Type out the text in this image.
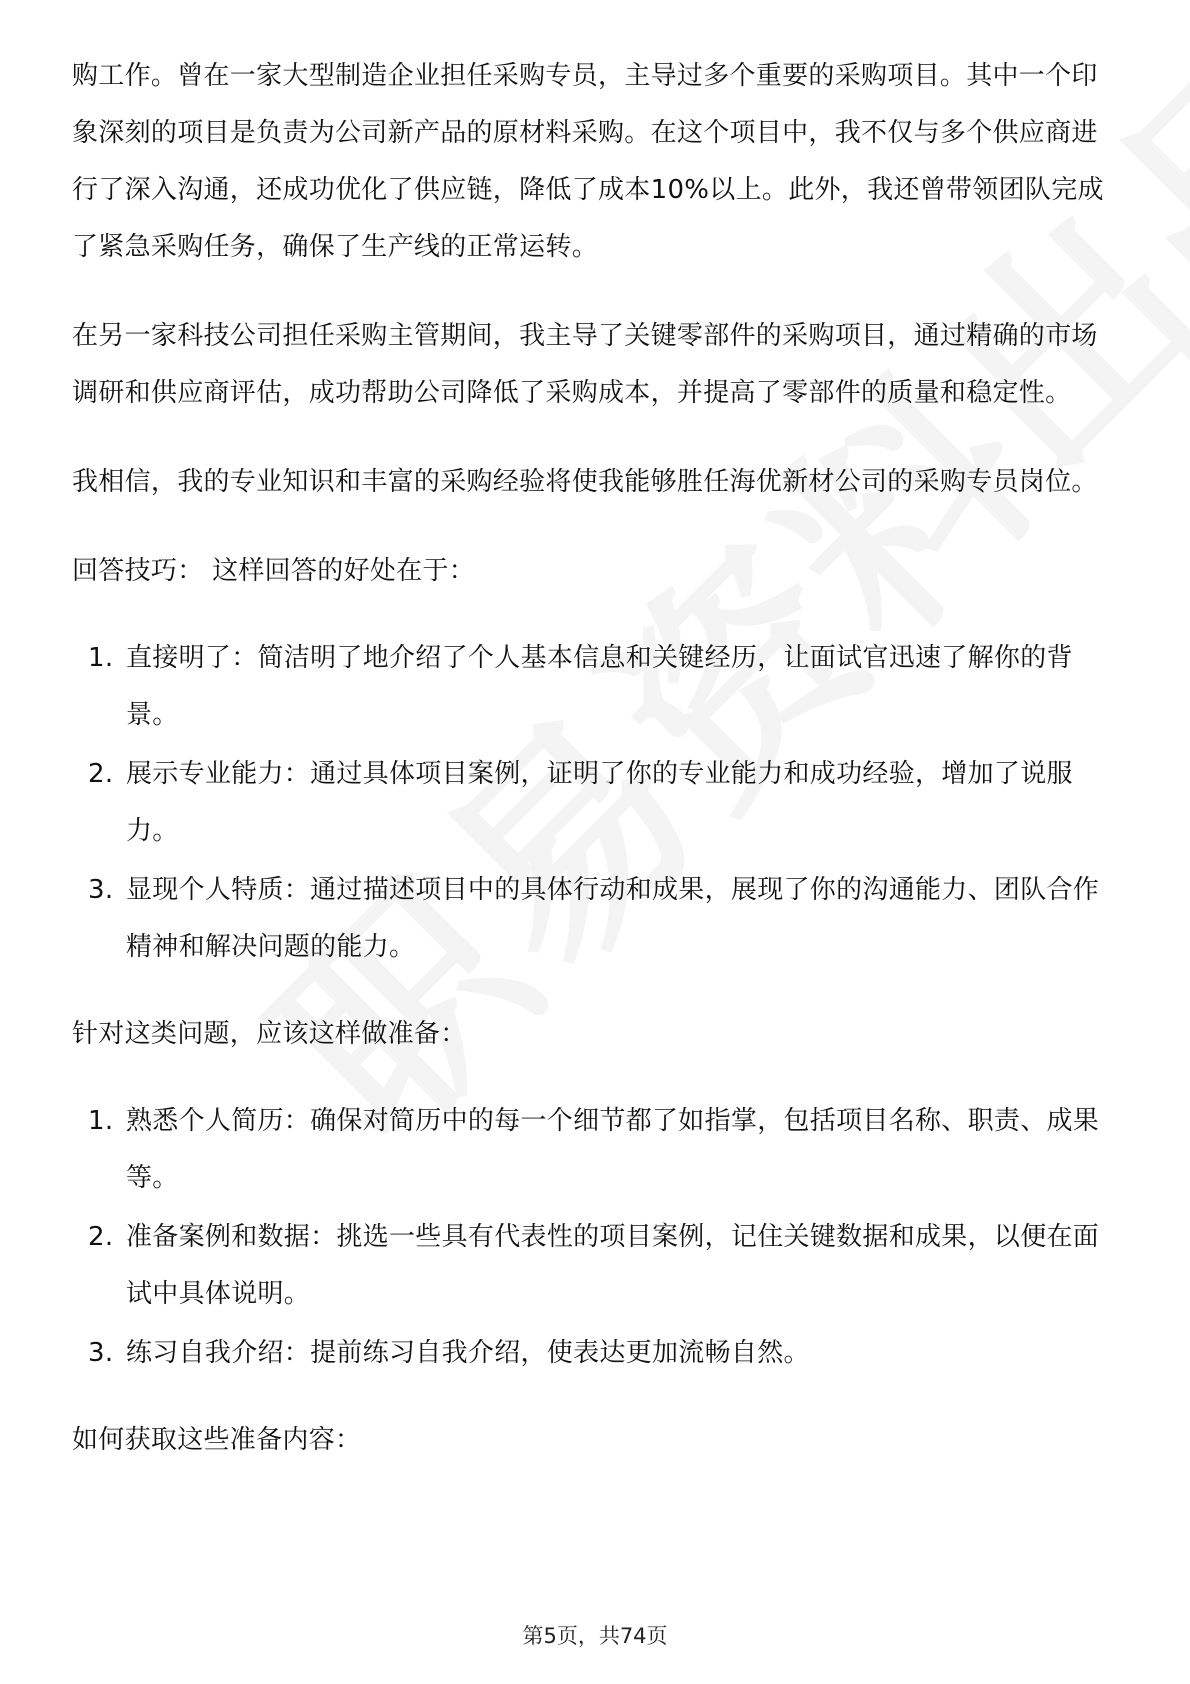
购工作。曾在一家大型制造企业担任采购专员，主导过多个重要的采购项目。其中一个印象深刻的项目是负责为公司新产品的原材料采购。在这个项目中，我不仅与多个供应商进行了深入沟通，还成功优化了供应链，降低了成本10%以上。此外，我还曾带领团队完成了紧急采购任务，确保了生产线的正常运转。

在另一家科技公司担任采购主管期间，我主导了关键零部件的采购项目，通过精确的市场调研和供应商评估，成功帮助公司降低了采购成本，并提高了零部件的质量和稳定性。

我相信，我的专业知识和丰富的采购经验将使我能够胜任海优新材公司的采购专员岗位。

回答技巧： 这样回答的好处在于：

1. 直接明了：简洁明了地介绍了个人基本信息和关键经历，让面试官迅速了解你的背景。
2. 展示专业能力：通过具体项目案例，证明了你的专业能力和成功经验，增加了说服力。
3. 显现个人特质：通过描述项目中的具体行动和成果，展现了你的沟通能力、团队合作精神和解决问题的能力。

针对这类问题，应该这样做准备：

1. 熟悉个人简历：确保对简历中的每一个细节都了如指掌，包括项目名称、职责、成果等。
2. 准备案例和数据：挑选一些具有代表性的项目案例，记住关键数据和成果，以便在面试中具体说明。
3. 练习自我介绍：提前练习自我介绍，使表达更加流畅自然。

如何获取这些准备内容：

第5页，共74页
